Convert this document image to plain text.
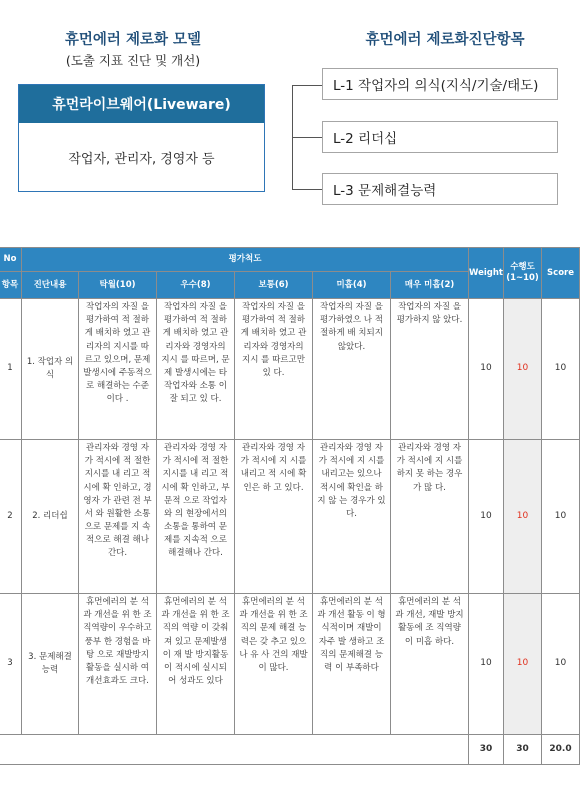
휴먼에러 제로화 모델
(도출 지표 진단 및 개선)
휴먼에러 제로화진단항목
휴먼라이브웨어(Liveware)
작업자, 관리자, 경영자 등
L-1 작업자의 의식(지식/기술/태도)
L-2 리더십
L-3 문제해결능력
No	평가척도						Weight	수행도 (1~10)	Score
항목	진단내용	탁월(10)	우수(8)	보통(6)	미흡(4)	매우 미흡(2)			
1	1. 작업자 의식	작업자의 자질 을 평가하여 적 절하게 배치하 였고 관리자의 지시를 따르고 있으며, 문제 발생시에 주동적으로 해결하는 수준이다 .	작업자의 자질 을 평가하여 적 절하게 배치하 였고 관리자와 경영자의 지시 를 따르며, 문제 발생시에는 타 작업자와 소통 이 잘 되고 있 다.	작업자의 자질 을 평가하여 적 절하게 배치하 였고 관리자와 경영자의 지시 를 따르고만 있 다.	작업자의 자질 을 평가하였으 나 적절하게 배 치되지 않았다.	작업자의 자질 을 평가하지 않 았다.	10	10	10
2	2. 리더쉽	관리자와 경영 자가 적시에 적 절한 지시를 내 리고 적시에 확 인하고, 경영자 가 관련 전 부서 와 원활한 소통 으로 문제를 지 속적으로 해결 해나간다.	관리자와 경영 자가 적시에 적 절한 지시를 내 리고 적시에 확 인하고, 부문적 으로 작업자와 의 현장에서의 소통을 통하여 문제를 지속적 으로 해결해나 간다.	관리자와 경영 자가 적시에 지 시를 내리고 적 시에 확인은 하 고 있다.	관리자와 경영 자가 적시에 지 시를 내리고는 있으나 적시에 확인을 하지 않 는 경우가 있다.	관리자와 경영 자가 적시에 지 시를 하지 못 하는 경우가 많 다.	10	10	10
3	3. 문제해결 능력	휴먼에러의 분 석과 개선을 위 한 조직역량이 우수하고 풍부 한 경험을 바탕 으로 재발방지 활동을 실시하 여 개선효과도 크다.	휴먼에러의 분 석과 개선을 위 한 조직의 역량 이 갖춰져 있고 문제발생이 재 발 방지활동이 적시에 실시되 어 성과도 있다	휴먼에러의 분 석과 개선을 위 한 조직의 문제 해결 능력은 갖 추고 있으나 유 사 건의 재발이 많다.	휴먼에러의 분 석과 개선 활동 이 형식적이며 재발이 자주 발 생하고 조직의 문제해결 능력 이 부족하다	휴먼에러의 분 석과 개선, 재발 방지활동에 조 직역량이 미흡 하다.	10	10	10
							30	30	20.0
